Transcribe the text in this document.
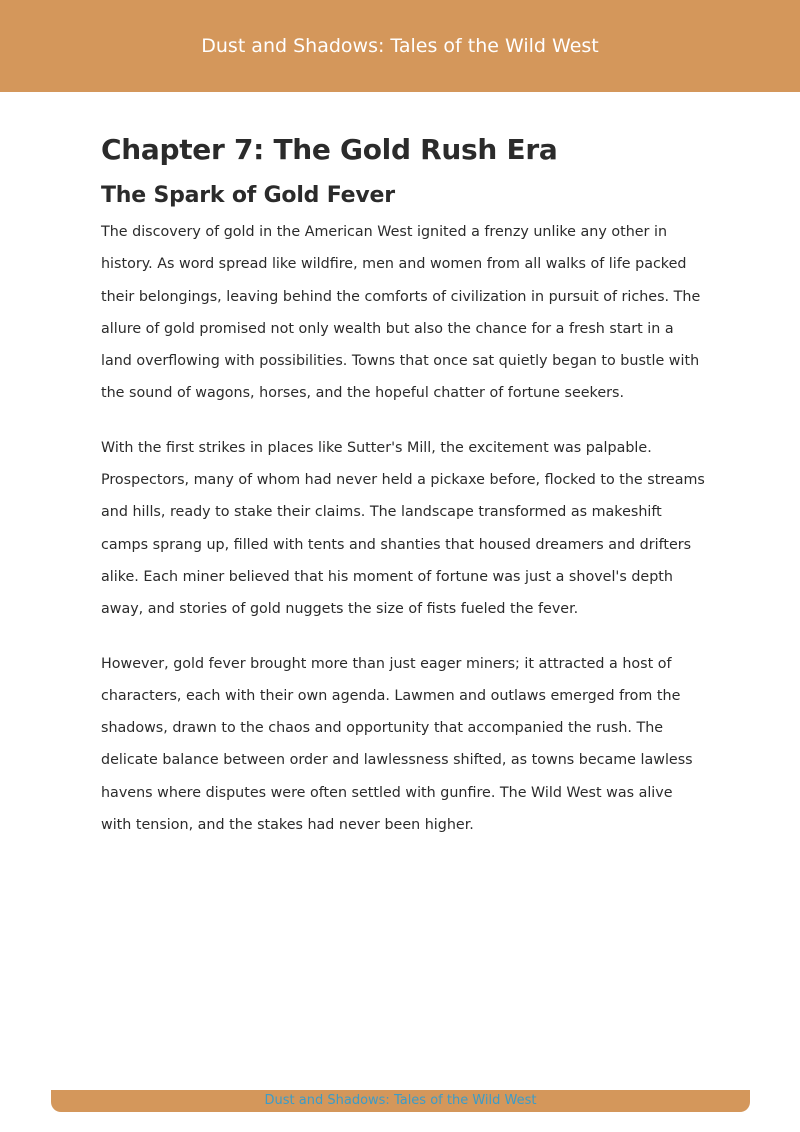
Dust and Shadows: Tales of the Wild West
Chapter 7: The Gold Rush Era
The Spark of Gold Fever

The discovery of gold in the American West ignited a frenzy unlike any other in history. As word spread like wildfire, men and women from all walks of life packed their belongings, leaving behind the comforts of civilization in pursuit of riches. The allure of gold promised not only wealth but also the chance for a fresh start in a land overflowing with possibilities. Towns that once sat quietly began to bustle with the sound of wagons, horses, and the hopeful chatter of fortune seekers.

With the first strikes in places like Sutter's Mill, the excitement was palpable. Prospectors, many of whom had never held a pickaxe before, flocked to the streams and hills, ready to stake their claims. The landscape transformed as makeshift camps sprang up, filled with tents and shanties that housed dreamers and drifters alike. Each miner believed that his moment of fortune was just a shovel's depth away, and stories of gold nuggets the size of fists fueled the fever.

However, gold fever brought more than just eager miners; it attracted a host of characters, each with their own agenda. Lawmen and outlaws emerged from the shadows, drawn to the chaos and opportunity that accompanied the rush. The delicate balance between order and lawlessness shifted, as towns became lawless havens where disputes were often settled with gunfire. The Wild West was alive with tension, and the stakes had never been higher.

Dust and Shadows: Tales of the Wild West
